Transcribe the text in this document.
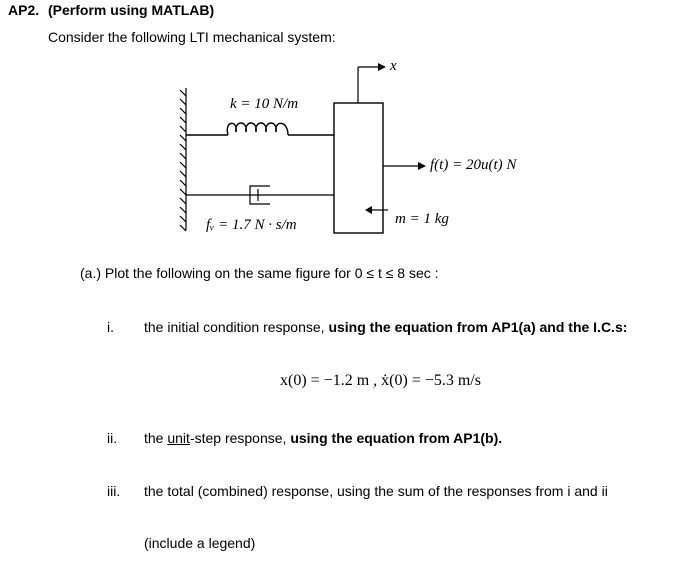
AP2. (Perform using MATLAB)
Consider the following LTI mechanical system:
k = 10 N/m
fᵥ = 1.7 N · s/m	m = 1 kg
f(t) = 20u(t) N
x
(a.) Plot the following on the same figure for 0 ≤ t ≤ 8 sec :
i. the initial condition response, using the equation from AP1(a) and the I.C.s:
x(0) = −1.2 m , ẋ(0) = −5.3 m/s
ii. the unit-step response, using the equation from AP1(b).
iii. the total (combined) response, using the sum of the responses from i and ii
(include a legend)
